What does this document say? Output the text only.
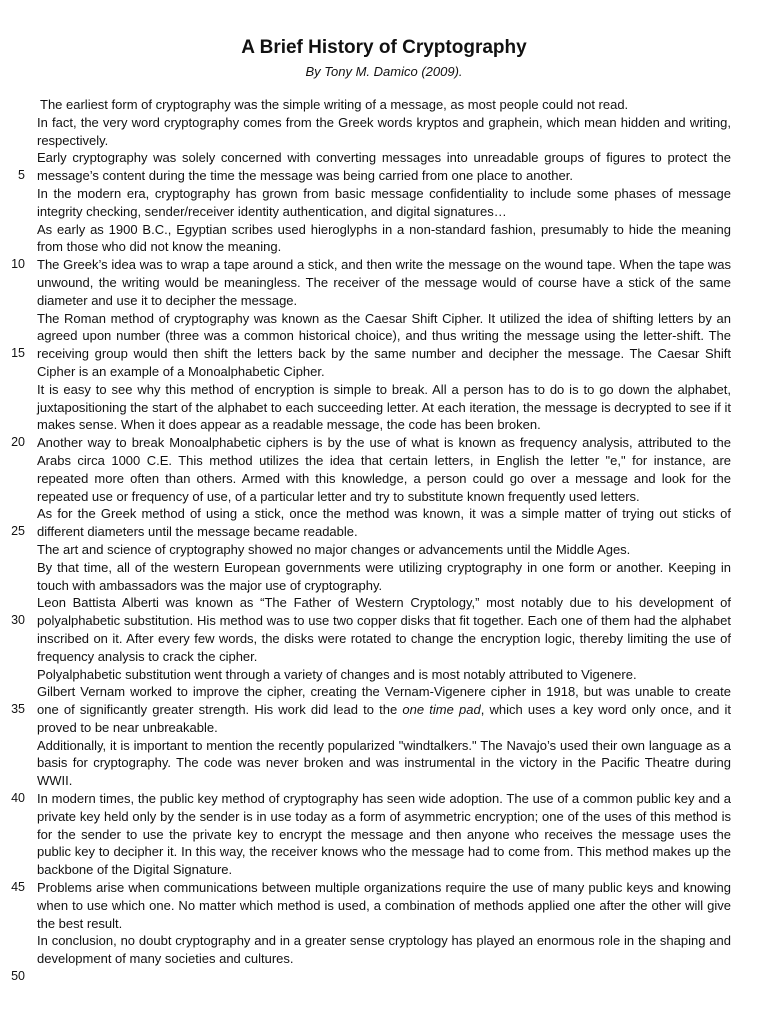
A Brief History of Cryptography
By Tony M. Damico (2009).
5
10
15
20
25
30
35
40
45
50

The earliest form of cryptography was the simple writing of a message, as most people could not read.

In fact, the very word cryptography comes from the Greek words kryptos and graphein, which mean hidden and writing, respectively.

Early cryptography was solely concerned with converting messages into unreadable groups of figures to protect the message’s content during the time the message was being carried from one place to another.

In the modern era, cryptography has grown from basic message confidentiality to include some phases of message integrity checking, sender/receiver identity authentication, and digital signatures…

As early as 1900 B.C., Egyptian scribes used hieroglyphs in a non-standard fashion, presumably to hide the meaning from those who did not know the meaning.

The Greek’s idea was to wrap a tape around a stick, and then write the message on the wound tape. When the tape was unwound, the writing would be meaningless. The receiver of the message would of course have a stick of the same diameter and use it to decipher the message.

The Roman method of cryptography was known as the Caesar Shift Cipher. It utilized the idea of shifting letters by an agreed upon number (three was a common historical choice), and thus writing the message using the letter-shift. The receiving group would then shift the letters back by the same number and decipher the message. The Caesar Shift Cipher is an example of a Monoalphabetic Cipher.

It is easy to see why this method of encryption is simple to break. All a person has to do is to go down the alphabet, juxtapositioning the start of the alphabet to each succeeding letter. At each iteration, the message is decrypted to see if it makes sense. When it does appear as a readable message, the code has been broken.

Another way to break Monoalphabetic ciphers is by the use of what is known as frequency analysis, attributed to the Arabs circa 1000 C.E. This method utilizes the idea that certain letters, in English the letter "e," for instance, are repeated more often than others. Armed with this knowledge, a person could go over a message and look for the repeated use or frequency of use, of a particular letter and try to substitute known frequently used letters.

As for the Greek method of using a stick, once the method was known, it was a simple matter of trying out sticks of different diameters until the message became readable.

The art and science of cryptography showed no major changes or advancements until the Middle Ages.

By that time, all of the western European governments were utilizing cryptography in one form or another. Keeping in touch with ambassadors was the major use of cryptography.

Leon Battista Alberti was known as “The Father of Western Cryptology,” most notably due to his development of polyalphabetic substitution. His method was to use two copper disks that fit together. Each one of them had the alphabet inscribed on it. After every few words, the disks were rotated to change the encryption logic, thereby limiting the use of frequency analysis to crack the cipher.

Polyalphabetic substitution went through a variety of changes and is most notably attributed to Vigenere.

Gilbert Vernam worked to improve the cipher, creating the Vernam-Vigenere cipher in 1918, but was unable to create one of significantly greater strength. His work did lead to the one time pad, which uses a key word only once, and it proved to be near unbreakable.

Additionally, it is important to mention the recently popularized "windtalkers." The Navajo’s used their own language as a basis for cryptography. The code was never broken and was instrumental in the victory in the Pacific Theatre during WWII.

In modern times, the public key method of cryptography has seen wide adoption. The use of a common public key and a private key held only by the sender is in use today as a form of asymmetric encryption; one of the uses of this method is for the sender to use the private key to encrypt the message and then anyone who receives the message uses the public key to decipher it. In this way, the receiver knows who the message had to come from. This method makes up the backbone of the Digital Signature.

Problems arise when communications between multiple organizations require the use of many public keys and knowing when to use which one. No matter which method is used, a combination of methods applied one after the other will give the best result.

In conclusion, no doubt cryptography and in a greater sense cryptology has played an enormous role in the shaping and development of many societies and cultures.
